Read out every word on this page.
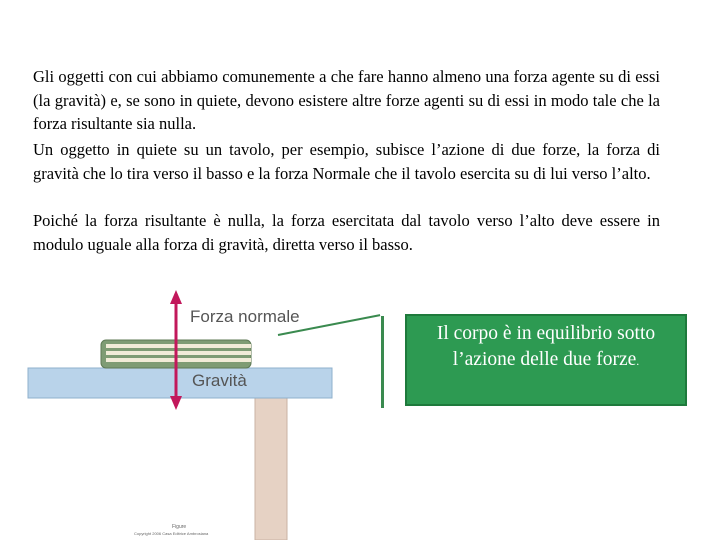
Gli oggetti con cui abbiamo comunemente a che fare hanno almeno una forza agente su di essi (la gravità) e, se sono in quiete, devono esistere altre forze agenti su di essi in modo tale che la forza risultante sia nulla.
Un oggetto in quiete su un tavolo, per esempio, subisce l’azione di due forze, la forza di gravità che lo tira verso il basso e la forza Normale che il tavolo esercita su di lui verso l’alto.
Poiché la forza risultante è nulla, la forza esercitata dal tavolo verso l’alto deve essere in modulo uguale alla forza di gravità, diretta verso il basso.
Forza normale
Gravità
Figure
Copyright 2006 Casa Editrice Ambrosiana
Il corpo è in equilibrio sotto l’azione delle due forze.
